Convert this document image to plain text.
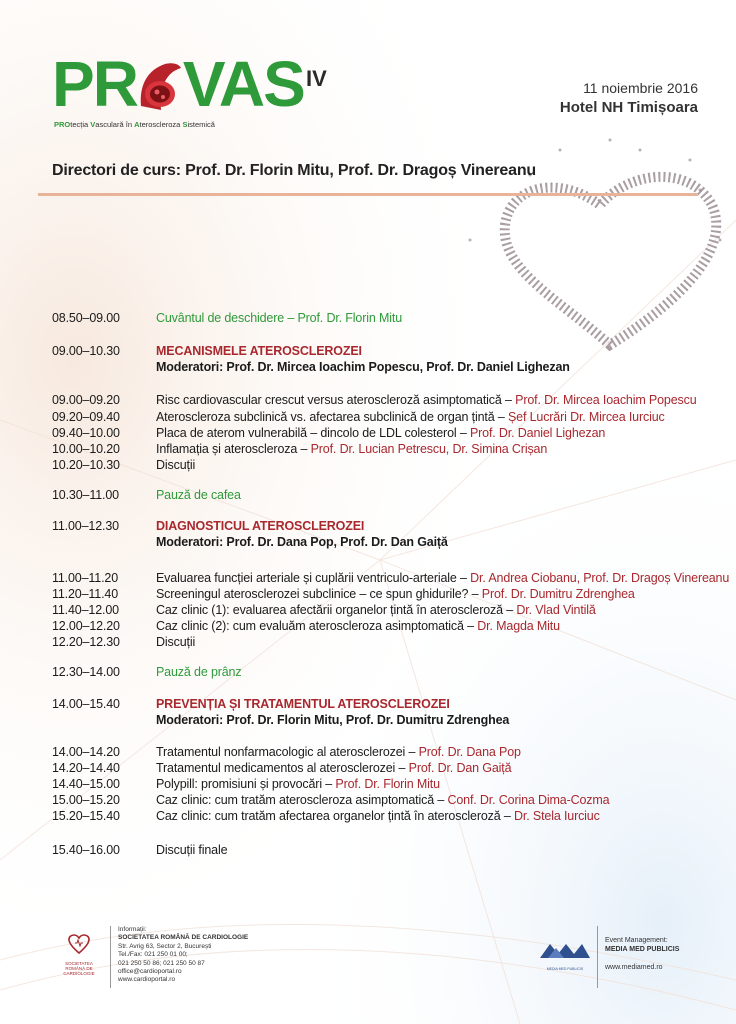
PR VAS IV
PROtecția Vasculară în Ateroscleroza Sistemică
11 noiembrie 2016
Hotel NH Timișoara
Directori de curs: Prof. Dr. Florin Mitu, Prof. Dr. Dragoș Vinereanu
08.50–09.00	Cuvântul de deschidere – Prof. Dr. Florin Mitu
09.00–10.30	MECANISMELE ATEROSCLEROZEI
Moderatori: Prof. Dr. Mircea Ioachim Popescu, Prof. Dr. Daniel Lighezan
09.00–09.20	Risc cardiovascular crescut versus ateroscleroză asimptomatică – Prof. Dr. Mircea Ioachim Popescu
09.20–09.40	Ateroscleroza subclinică vs. afectarea subclinică de organ țintă – Șef Lucrări Dr. Mircea Iurciuc
09.40–10.00	Placa de aterom vulnerabilă – dincolo de LDL colesterol – Prof. Dr. Daniel Lighezan
10.00–10.20	Inflamația și ateroscleroza – Prof. Dr. Lucian Petrescu, Dr. Simina Crișan
10.20–10.30	Discuții
10.30–11.00	Pauză de cafea
11.00–12.30	DIAGNOSTICUL ATEROSCLEROZEI
Moderatori: Prof. Dr. Dana Pop, Prof. Dr. Dan Gaiță
11.00–11.20	Evaluarea funcției arteriale și cuplării ventriculo-arteriale – Dr. Andrea Ciobanu, Prof. Dr. Dragoș Vinereanu
11.20–11.40	Screeningul aterosclerozei subclinice – ce spun ghidurile? – Prof. Dr. Dumitru Zdrenghea
11.40–12.00	Caz clinic (1): evaluarea afectării organelor țintă în ateroscleroză – Dr. Vlad Vintilă
12.00–12.20	Caz clinic (2): cum evaluăm ateroscleroza asimptomatică – Dr. Magda Mitu
12.20–12.30	Discuții
12.30–14.00	Pauză de prânz
14.00–15.40	PREVENȚIA ȘI TRATAMENTUL ATEROSCLEROZEI
Moderatori: Prof. Dr. Florin Mitu, Prof. Dr. Dumitru Zdrenghea
14.00–14.20	Tratamentul nonfarmacologic al aterosclerozei – Prof. Dr. Dana Pop
14.20–14.40	Tratamentul medicamentos al aterosclerozei – Prof. Dr. Dan Gaiță
14.40–15.00	Polypill: promisiuni și provocări – Prof. Dr. Florin Mitu
15.00–15.20	Caz clinic: cum tratăm ateroscleroza asimptomatică – Conf. Dr. Corina Dima-Cozma
15.20–15.40	Caz clinic: cum tratăm afectarea organelor țintă în ateroscleroză – Dr. Stela Iurciuc
15.40–16.00	Discuții finale
SOCIETATEA ROMÂNĂ DE CARDIOLOGIE
Informații:
SOCIETATEA ROMÂNĂ DE CARDIOLOGIE
Str. Avrig 63, Sector 2, București
Tel./Fax: 021 250 01 00;
021 250 50 86; 021 250 50 87
office@cardioportal.ro
www.cardioportal.ro
MEDIA MED PUBLICIS
Event Management:
MEDIA MED PUBLICIS
www.mediamed.ro
